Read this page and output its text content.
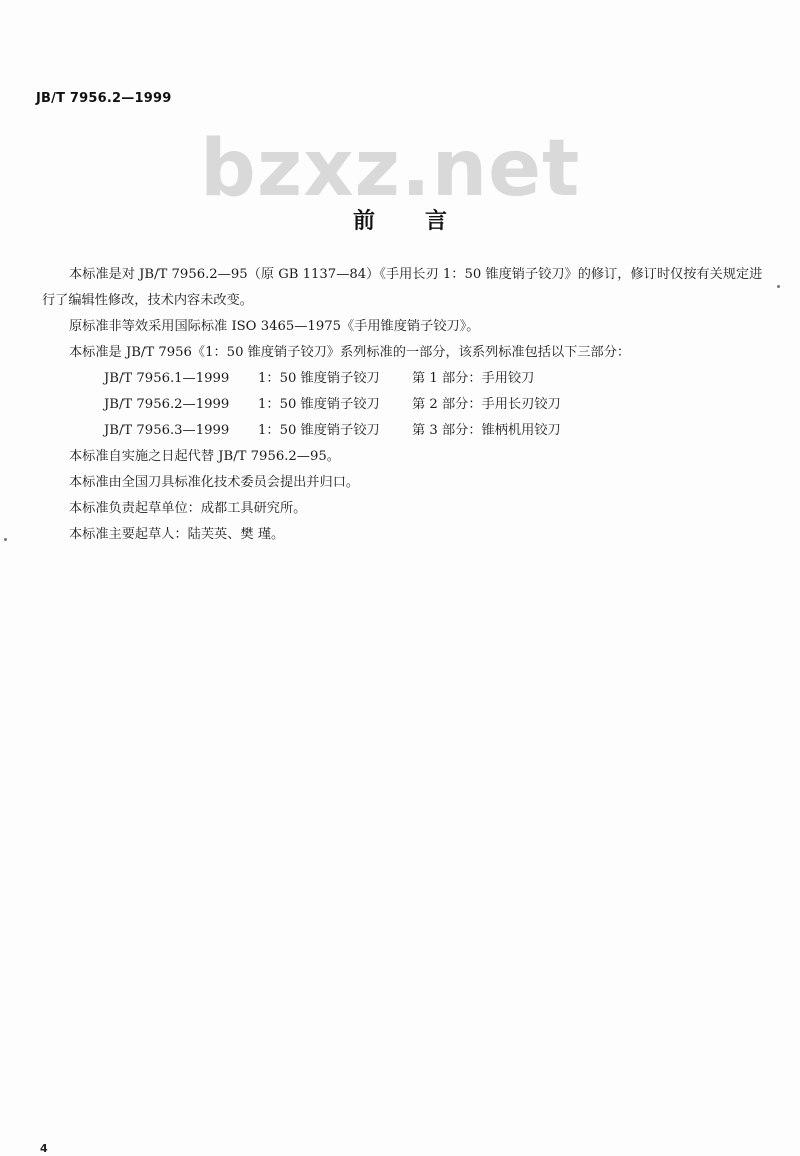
JB/T 7956.2—1999
bzxz.net
前言

本标准是对 JB/T 7956.2—95（原 GB 1137—84）《手用长刃 1：50 锥度销子铰刀》的修订，修订时仅按有关规定进行了编辑性修改，技术内容未改变。

原标准非等效采用国际标准 ISO 3465—1975《手用锥度销子铰刀》。

本标准是 JB/T 7956《1：50 锥度销子铰刀》系列标准的一部分，该系列标准包括以下三部分：

JB/T 7956.1—1999	1：50 锥度销子铰刀	第 1 部分：手用铰刀
JB/T 7956.2—1999	1：50 锥度销子铰刀	第 2 部分：手用长刃铰刀
JB/T 7956.3—1999	1：50 锥度销子铰刀	第 3 部分：锥柄机用铰刀

本标准自实施之日起代替 JB/T 7956.2—95。

本标准由全国刀具标准化技术委员会提出并归口。

本标准负责起草单位：成都工具研究所。

本标准主要起草人：陆芙英、樊 瑾。

4
